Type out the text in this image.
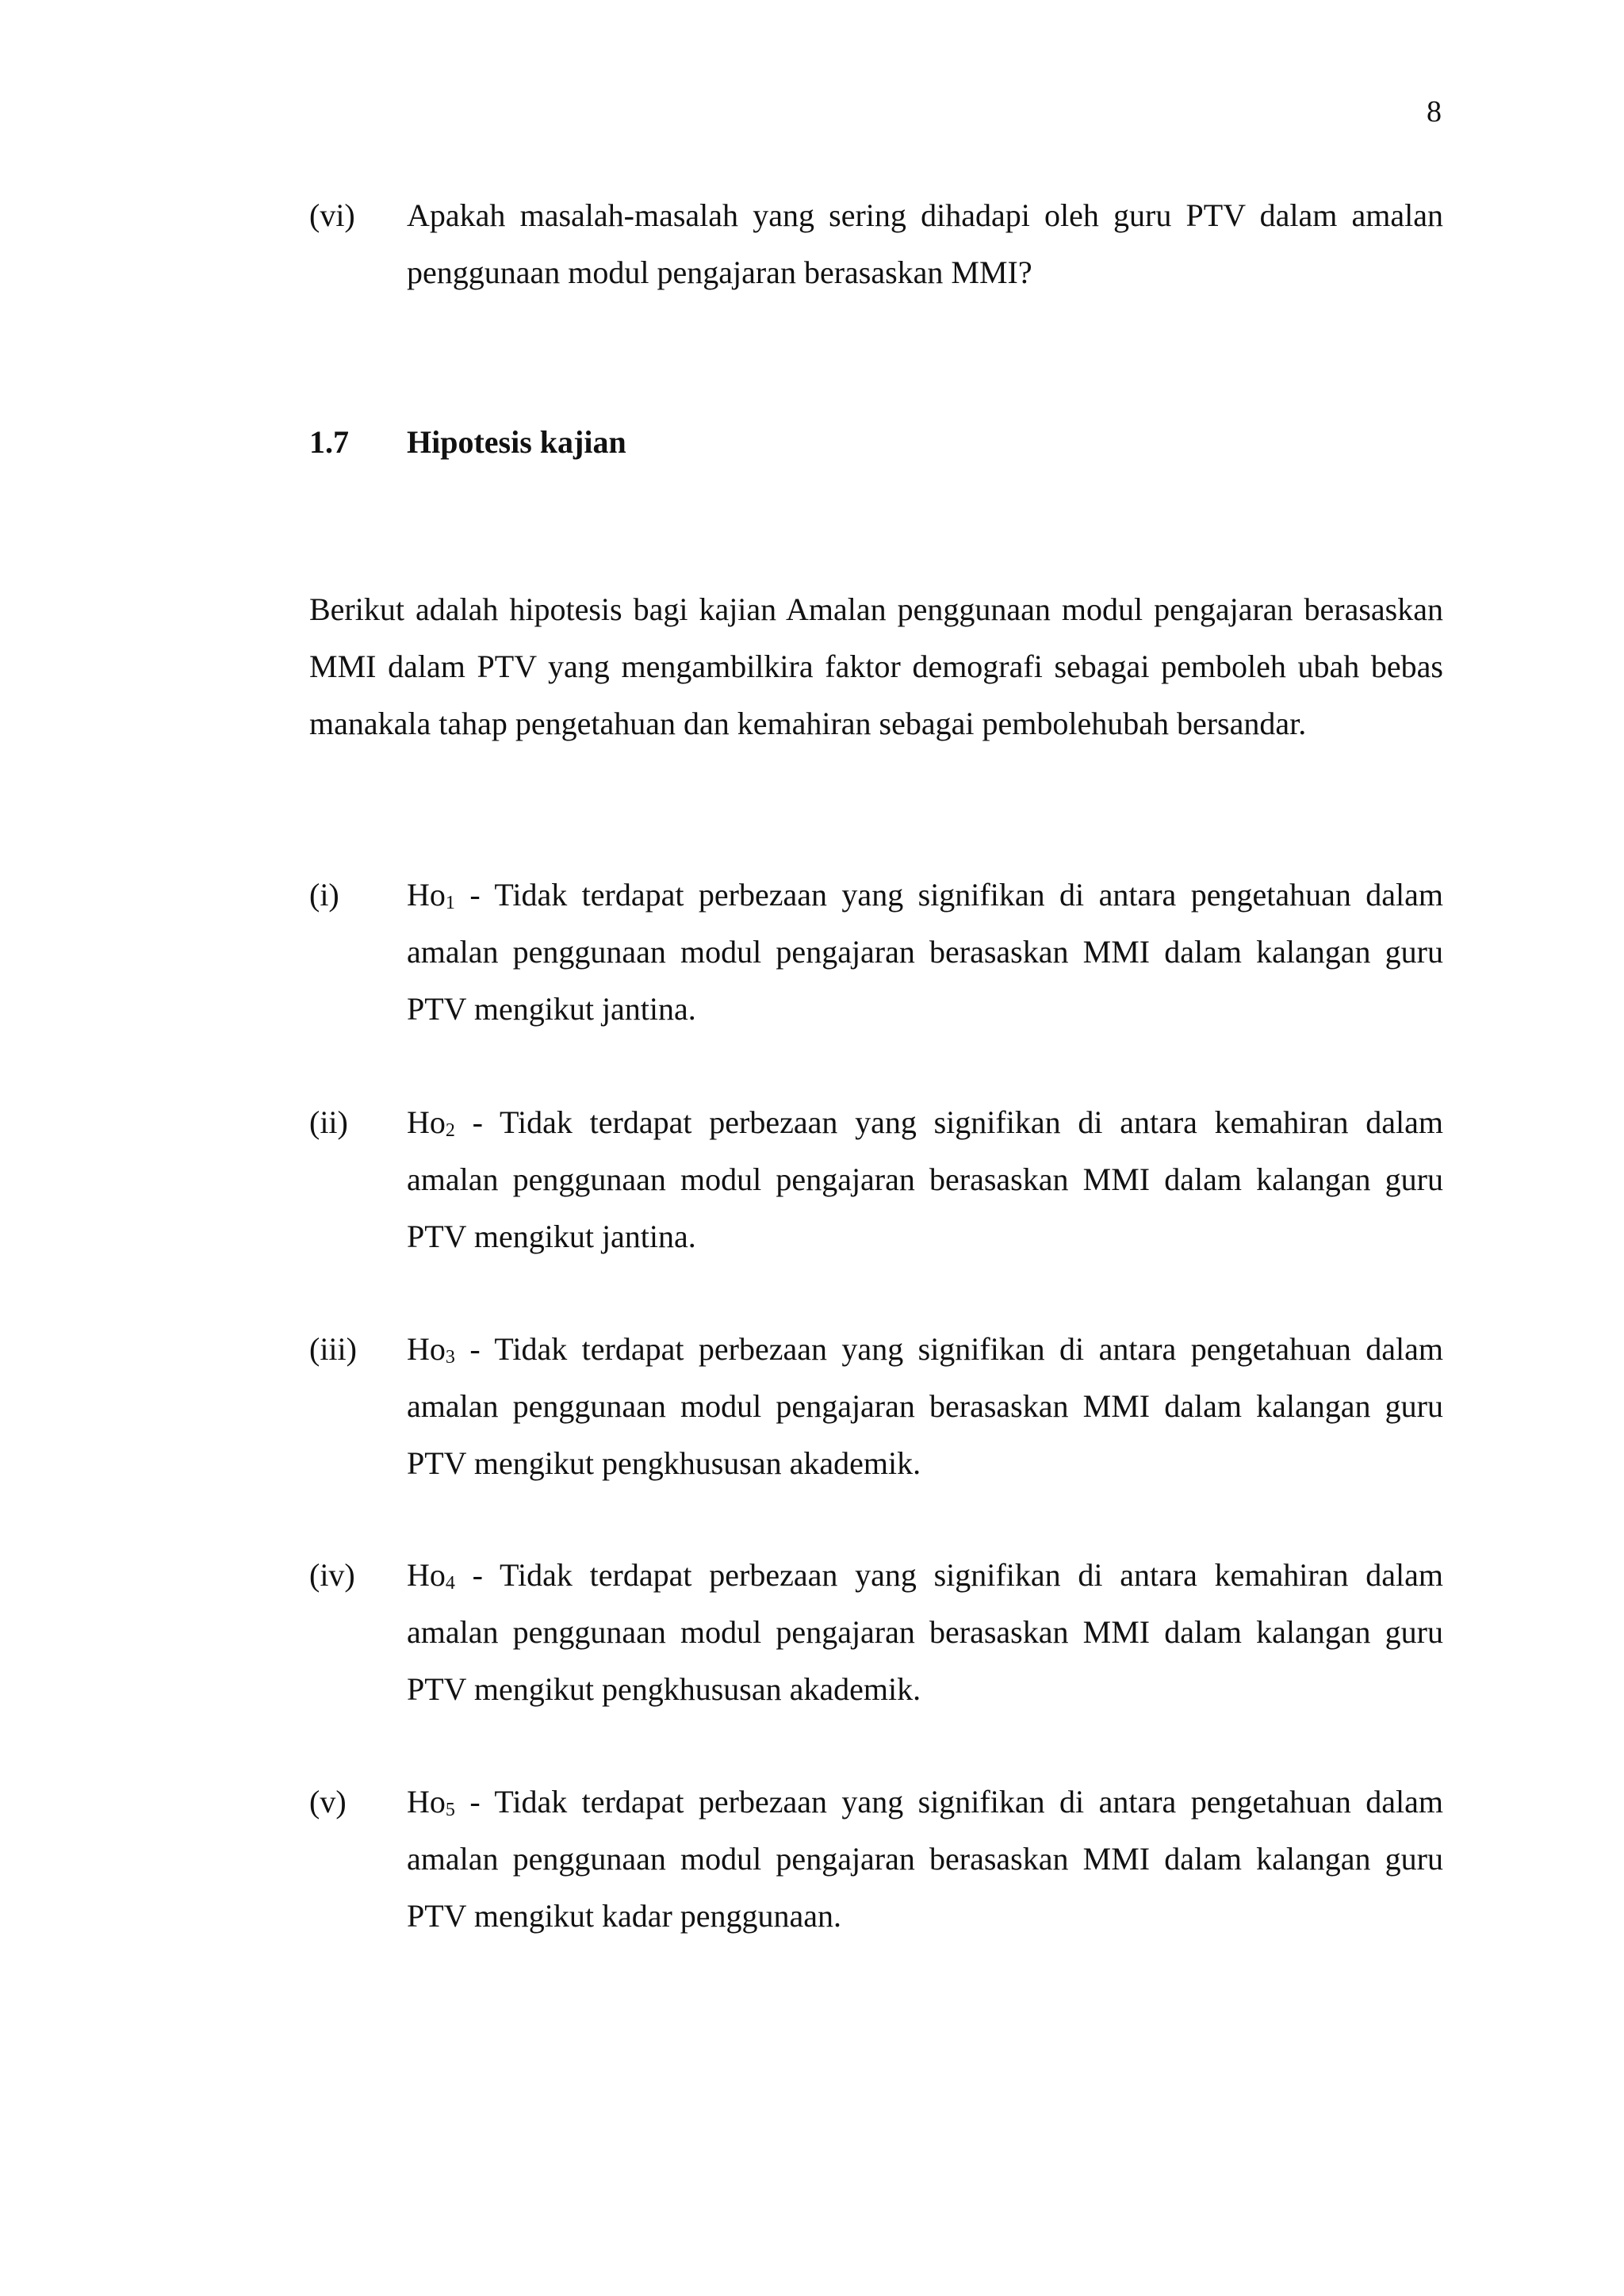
8
(vi)	Apakah masalah-masalah yang sering dihadapi oleh guru PTV dalam amalan penggunaan modul pengajaran berasaskan MMI?
1.7 Hipotesis kajian
Berikut adalah hipotesis bagi kajian Amalan penggunaan modul pengajaran berasaskan MMI dalam PTV yang mengambilkira faktor demografi sebagai pemboleh ubah bebas manakala tahap pengetahuan dan kemahiran sebagai pembolehubah bersandar.
(i)	$Ho_1$ - Tidak terdapat perbezaan yang signifikan di antara pengetahuan dalam amalan penggunaan modul pengajaran berasaskan MMI dalam kalangan guru PTV mengikut jantina.
(ii)	$Ho_2$ - Tidak terdapat perbezaan yang signifikan di antara kemahiran dalam amalan penggunaan modul pengajaran berasaskan MMI dalam kalangan guru PTV mengikut jantina.
(iii)	$Ho_3$ - Tidak terdapat perbezaan yang signifikan di antara pengetahuan dalam amalan penggunaan modul pengajaran berasaskan MMI dalam kalangan guru PTV mengikut pengkhususan akademik.
(iv)	$Ho_4$ - Tidak terdapat perbezaan yang signifikan di antara kemahiran dalam amalan penggunaan modul pengajaran berasaskan MMI dalam kalangan guru PTV mengikut pengkhususan akademik.
(v)	$Ho_5$ - Tidak terdapat perbezaan yang signifikan di antara pengetahuan dalam amalan penggunaan modul pengajaran berasaskan MMI dalam kalangan guru PTV mengikut kadar penggunaan.
